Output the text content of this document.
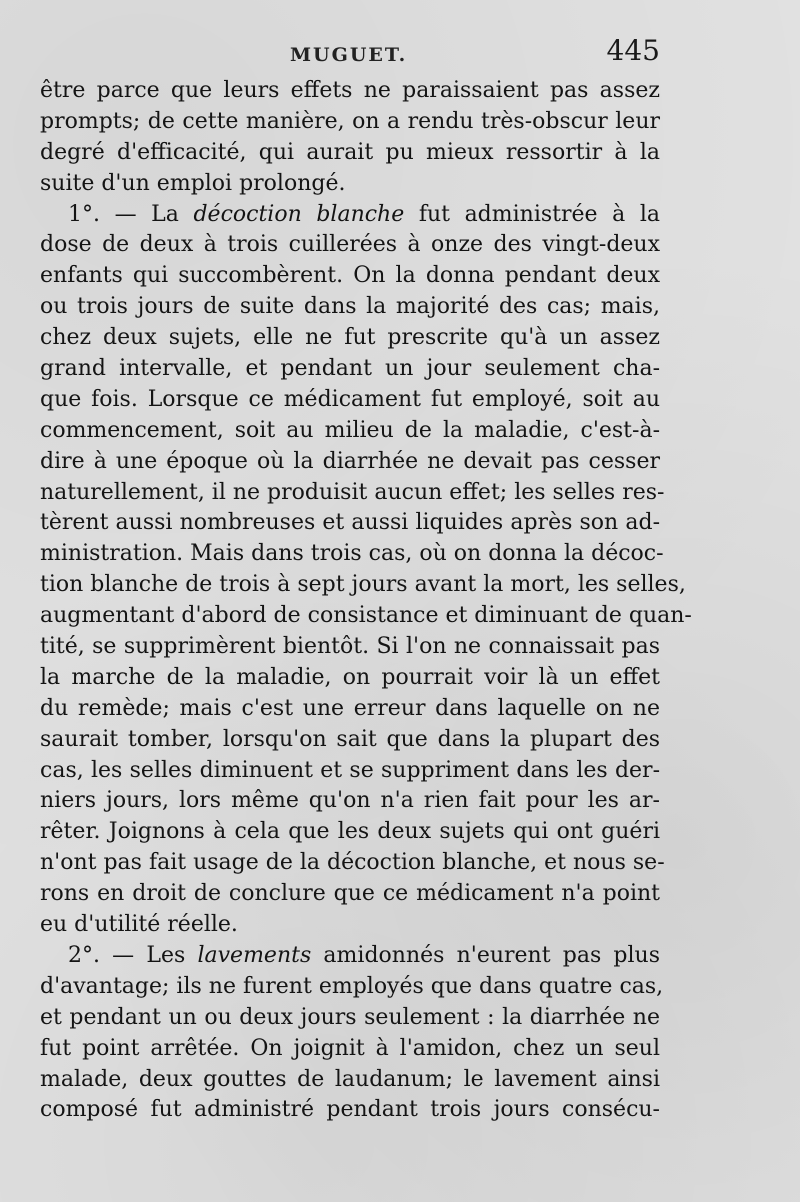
MUGUET.	445
être parce que leurs effets ne paraissaient pas assez
prompts; de cette manière, on a rendu très-obscur leur
degré d'efficacité, qui aurait pu mieux ressortir à la
suite d'un emploi prolongé.
1°. — La décoction blanche fut administrée à la
dose de deux à trois cuillerées à onze des vingt-deux
enfants qui succombèrent. On la donna pendant deux
ou trois jours de suite dans la majorité des cas; mais,
chez deux sujets, elle ne fut prescrite qu'à un assez
grand intervalle, et pendant un jour seulement cha-
que fois. Lorsque ce médicament fut employé, soit au
commencement, soit au milieu de la maladie, c'est-à-
dire à une époque où la diarrhée ne devait pas cesser
naturellement, il ne produisit aucun effet; les selles res-
tèrent aussi nombreuses et aussi liquides après son ad-
ministration. Mais dans trois cas, où on donna la décoc-
tion blanche de trois à sept jours avant la mort, les selles,
augmentant d'abord de consistance et diminuant de quan-
tité, se supprimèrent bientôt. Si l'on ne connaissait pas
la marche de la maladie, on pourrait voir là un effet
du remède; mais c'est une erreur dans laquelle on ne
saurait tomber, lorsqu'on sait que dans la plupart des
cas, les selles diminuent et se suppriment dans les der-
niers jours, lors même qu'on n'a rien fait pour les ar-
rêter. Joignons à cela que les deux sujets qui ont guéri
n'ont pas fait usage de la décoction blanche, et nous se-
rons en droit de conclure que ce médicament n'a point
eu d'utilité réelle.
2°. — Les lavements amidonnés n'eurent pas plus
d'avantage; ils ne furent employés que dans quatre cas,
et pendant un ou deux jours seulement : la diarrhée ne
fut point arrêtée. On joignit à l'amidon, chez un seul
malade, deux gouttes de laudanum; le lavement ainsi
composé fut administré pendant trois jours consécu-
